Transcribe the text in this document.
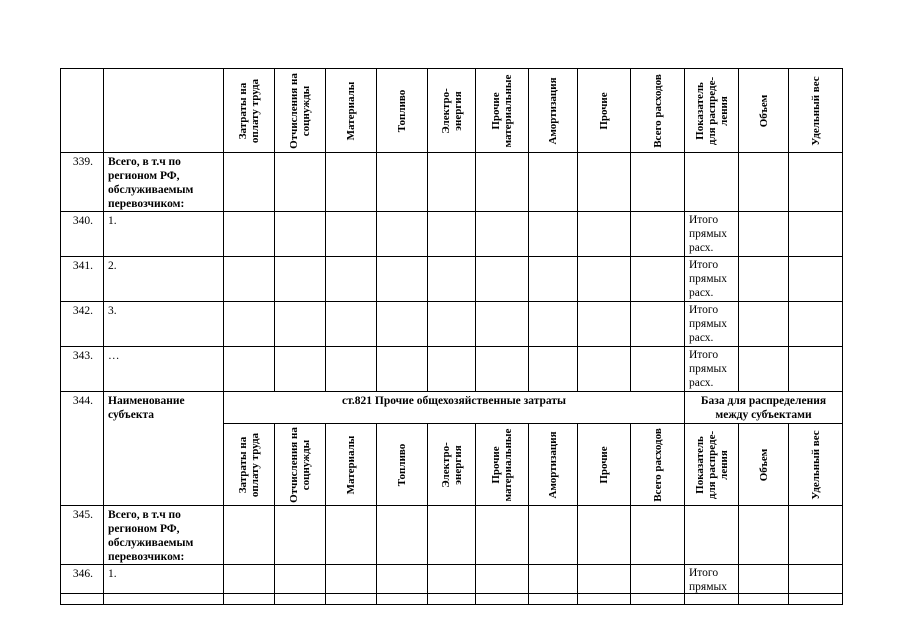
		Затраты на оплату труда	Отчисления на соцнужды	Материалы	Топливо	Электро-энергия	Прочие материальные	Амортизация	Прочие	Всего расходов	Показатель для распреде-ления	Объем	Удельный вес

339.	Всего, в т.ч по регионом РФ, обслуживаемым перевозчиком:												
340.	1.										Итого прямых расх.		
341.	2.										Итого прямых расх.		
342.	3.										Итого прямых расх.		
343.	…										Итого прямых расх.		
344.	Наименование субъекта	ст.821 Прочие общехозяйственные затраты									База для распределения между субъектами		

		Затраты на оплату труда	Отчисления на соцнужды	Материалы	Топливо	Электро-энергия	Прочие материальные	Амортизация	Прочие	Всего расходов	Показатель для распреде-ления	Объем	Удельный вес

345.	Всего, в т.ч по регионом РФ, обслуживаемым перевозчиком:												
346.	1.										Итого прямых		
